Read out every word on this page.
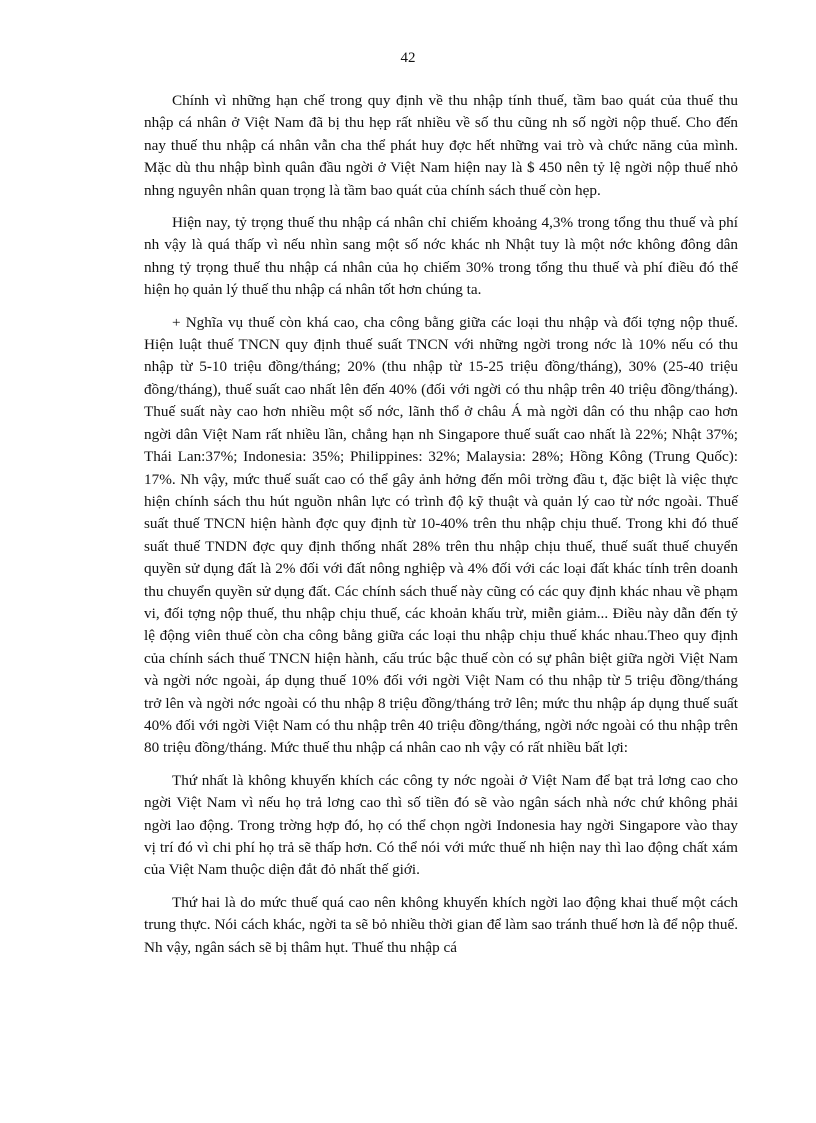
42

Chính vì những hạn chế trong quy định về thu nhập tính thuế, tầm bao quát của thuế thu nhập cá nhân ở Việt Nam đã bị thu hẹp rất nhiều về số thu cũng nh số ngời nộp thuế. Cho đến nay thuế thu nhập cá nhân vẫn cha thể phát huy đợc hết những vai trò và chức năng của mình. Mặc dù thu nhập bình quân đầu ngời ở Việt Nam hiện nay là $ 450 nên tỷ lệ ngời nộp thuế nhỏ nhng nguyên nhân quan trọng là tầm bao quát của chính sách thuế còn hẹp.

Hiện nay, tỷ trọng thuế thu nhập cá nhân chỉ chiếm khoảng 4,3% trong tổng thu thuế và phí nh vậy là quá thấp vì nếu nhìn sang một số nớc khác nh Nhật tuy là một nớc không đông dân nhng tỷ trọng thuế thu nhập cá nhân của họ chiếm 30% trong tổng thu thuế và phí điều đó thể hiện họ quản lý thuế thu nhập cá nhân tốt hơn chúng ta.

+ Nghĩa vụ thuế còn khá cao, cha công bằng giữa các loại thu nhập và đối tợng nộp thuế. Hiện luật thuế TNCN quy định thuế suất TNCN với những ngời trong nớc là 10% nếu có thu nhập từ 5-10 triệu đồng/tháng; 20% (thu nhập từ 15-25 triệu đồng/tháng), 30% (25-40 triệu đồng/tháng), thuế suất cao nhất lên đến 40% (đối với ngời có thu nhập trên 40 triệu đồng/tháng). Thuế suất này cao hơn nhiều một số nớc, lãnh thổ ở châu Á mà ngời dân có thu nhập cao hơn ngời dân Việt Nam rất nhiều lần, chẳng hạn nh Singapore thuế suất cao nhất là 22%; Nhật 37%; Thái Lan:37%; Indonesia: 35%; Philippines: 32%; Malaysia: 28%; Hồng Kông (Trung Quốc): 17%. Nh vậy, mức thuế suất cao có thể gây ảnh hởng đến môi trờng đầu t, đặc biệt là việc thực hiện chính sách thu hút nguồn nhân lực có trình độ kỹ thuật và quản lý cao từ nớc ngoài. Thuế suất thuế TNCN hiện hành đợc quy định từ 10-40% trên thu nhập chịu thuế. Trong khi đó thuế suất thuế TNDN đợc quy định thống nhất 28% trên thu nhập chịu thuế, thuế suất thuế chuyển quyền sử dụng đất là 2% đối với đất nông nghiệp và 4% đối với các loại đất khác tính trên doanh thu chuyển quyền sử dụng đất. Các chính sách thuế này cũng có các quy định khác nhau về phạm vi, đối tợng nộp thuế, thu nhập chịu thuế, các khoản khấu trừ, miễn giảm... Điều này dẫn đến tỷ lệ động viên thuế còn cha công bằng giữa các loại thu nhập chịu thuế khác nhau.Theo quy định của chính sách thuế TNCN hiện hành, cấu trúc bậc thuế còn có sự phân biệt giữa ngời Việt Nam và ngời nớc ngoài, áp dụng thuế 10% đối với ngời Việt Nam có thu nhập từ 5 triệu đồng/tháng trở lên và ngời nớc ngoài có thu nhập 8 triệu đồng/tháng trở lên; mức thu nhập áp dụng thuế suất 40% đối với ngời Việt Nam có thu nhập trên 40 triệu đồng/tháng, ngời nớc ngoài có thu nhập trên 80 triệu đồng/tháng. Mức thuế thu nhập cá nhân cao nh vậy có rất nhiều bất lợi:

Thứ nhất là không khuyến khích các công ty nớc ngoài ở Việt Nam để bạt trả lơng cao cho ngời Việt Nam vì nếu họ trả lơng cao thì số tiền đó sẽ vào ngân sách nhà nớc chứ không phải ngời lao động. Trong trờng hợp đó, họ có thể chọn ngời Indonesia hay ngời Singapore vào thay vị trí đó vì chi phí họ trả sẽ thấp hơn. Có thể nói với mức thuế nh hiện nay thì lao động chất xám của Việt Nam thuộc diện đắt đỏ nhất thế giới.

Thứ hai là do mức thuế quá cao nên không khuyến khích ngời lao động khai thuế một cách trung thực. Nói cách khác, ngời ta sẽ bỏ nhiều thời gian để làm sao tránh thuế hơn là để nộp thuế. Nh vậy, ngân sách sẽ bị thâm hụt. Thuế thu nhập cá
